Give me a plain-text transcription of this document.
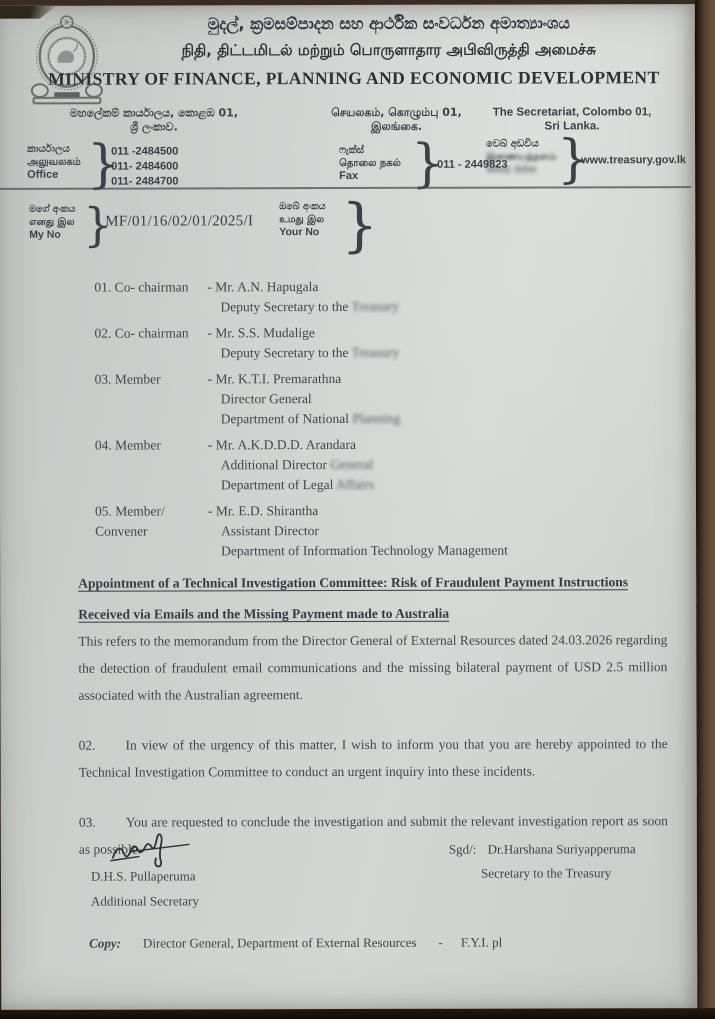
මුදල්, ක්‍රමසම්පාදන සහ ආර්ථික සංවර්ධන අමාත්‍යාංශය
நிதி, திட்டமிடல் மற்றும் பொருளாதார அபிவிருத்தி அமைச்சு
MINISTRY OF FINANCE, PLANNING AND ECONOMIC DEVELOPMENT
මහලේකම් කාර්යාලය, කොළඹ 01,
ශ්‍රී ලංකාව.
செயலகம், கொழும்பு 01,
இலங்கை.
The Secretariat, Colombo 01,
Sri Lanka.
කාර්යාලය
அலுவலகம்
Office }
011 -2484500
011- 2484600
011- 2484700
ෆැක්ස්
தொலை நகல்
Fax	}
011 - 2449823
වෙබ් අඩවිය
இணையத்தளம்
Web Site }
www.treasury.gov.lk
මගේ අංකය
எனது இல
My No }
MF/01/16/02/01/2025/I
ඔබේ අංකය
உமது இல
Your No }
01. Co- chairman	- Mr. A.N. Hapugala
Deputy Secretary to the Treasury
02. Co- chairman	- Mr. S.S. Mudalige
Deputy Secretary to the Treasury
03. Member	- Mr. K.T.I. Premarathna
Director General
Department of National Planning
04. Member	- Mr. A.K.D.D.D. Arandara
Additional Director General
Department of Legal Affairs
05. Member/ Convener
- Mr. E.D. Shirantha
Assistant Director
Department of Information Technology Management
Appointment of a Technical Investigation Committee: Risk of Fraudulent Payment Instructions
Received via Emails and the Missing Payment made to Australia
This refers to the memorandum from the Director General of External Resources dated 24.03.2026 regarding the detection of fraudulent email communications and the missing bilateral payment of USD 2.5 million associated with the Australian agreement.
02. In view of the urgency of this matter, I wish to inform you that you are hereby appointed to the Technical Investigation Committee to conduct an urgent inquiry into these incidents.
03. You are requested to conclude the investigation and submit the relevant investigation report as soon as possible.
D.H.S. Pullaperuma
Additional Secretary
Sgd/: Dr.Harshana Suriyapperuma
Secretary to the Treasury
Copy: Director General, Department of External Resources - F.Y.I. pl
